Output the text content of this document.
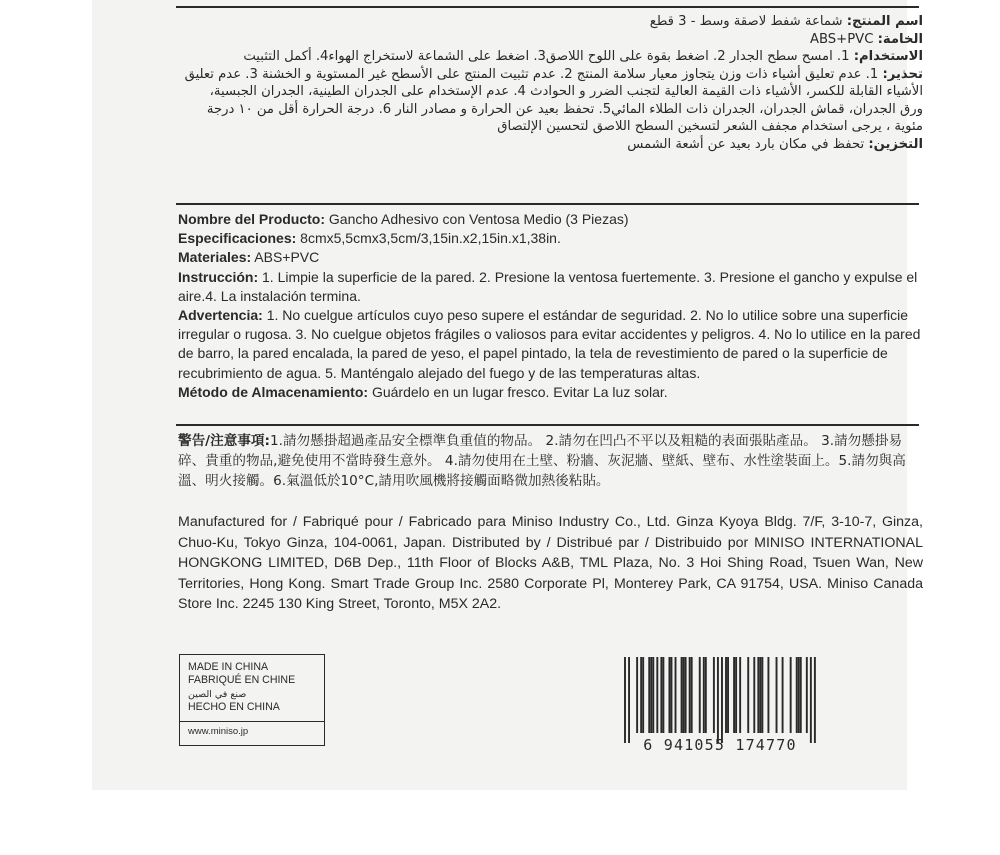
اسم المنتج: شماعة شفط لاصقة وسط - 3 قطع

الخامة: ABS+PVC

الاستخدام: 1. امسح سطح الجدار 2. اضغط بقوة على اللوح اللاصق3. اضغط على الشماعة لاستخراج الهواء4. أكمل التثبيت

تحذير: 1. عدم تعليق أشياء ذات وزن يتجاوز معيار سلامة المنتج 2. عدم تثبيت المنتج على الأسطح غير المستوية و الخشنة 3. عدم تعليق الأشياء القابلة للكسر، الأشياء ذات القيمة العالية لتجنب الضرر و الحوادث 4. عدم الإستخدام على الجدران الطينية، الجدران الجبسية، ورق الجدران، قماش الجدران، الجدران ذات الطلاء المائي5. تحفظ بعيد عن الحرارة و مصادر النار 6. درجة الحرارة أقل من ١٠ درجة مئوية ، يرجى استخدام مجفف الشعر لتسخين السطح اللاصق لتحسين الإلتصاق

التخزين: تحفظ في مكان بارد بعيد عن أشعة الشمس

Nombre del Producto: Gancho Adhesivo con Ventosa Medio (3 Piezas)

Especificaciones: 8cmx5,5cmx3,5cm/3,15in.x2,15in.x1,38in.

Materiales: ABS+PVC

Instrucción: 1. Limpie la superficie de la pared. 2. Presione la ventosa fuertemente. 3. Presione el gancho y expulse el aire.4. La instalación termina.

Advertencia: 1. No cuelgue artículos cuyo peso supere el estándar de seguridad. 2. No lo utilice sobre una superficie irregular o rugosa. 3. No cuelgue objetos frágiles o valiosos para evitar accidentes y peligros. 4. No lo utilice en la pared de barro, la pared encalada, la pared de yeso, el papel pintado, la tela de revestimiento de pared o la superficie de recubrimiento de agua. 5. Manténgalo alejado del fuego y de las temperaturas altas.

Método de Almacenamiento: Guárdelo en un lugar fresco. Evitar La luz solar.

警告/注意事項:1.請勿懸掛超過產品安全標準負重值的物品。 2.請勿在凹凸不平以及粗糙的表面張貼產品。 3.請勿懸掛易碎、貴重的物品,避免使用不當時發生意外。 4.請勿使用在土壁、粉牆、灰泥牆、壁紙、壁布、水性塗裝面上。5.請勿與高溫、明火接觸。6.氣溫低於10°C,請用吹風機將接觸面略微加熱後粘貼。

Manufactured for / Fabriqué pour / Fabricado para Miniso Industry Co., Ltd. Ginza Kyoya Bldg. 7/F, 3-10-7, Ginza, Chuo-Ku, Tokyo Ginza, 104-0061, Japan. Distributed by / Distribué par / Distribuido por MINISO INTERNATIONAL HONGKONG LIMITED, D6B Dep., 11th Floor of Blocks A&B, TML Plaza, No. 3 Hoi Shing Road, Tsuen Wan, New Territories, Hong Kong. Smart Trade Group Inc. 2580 Corporate Pl, Monterey Park, CA 91754, USA. Miniso Canada Store Inc. 2245 130 King Street, Toronto, M5X 2A2.
MADE IN CHINA
FABRIQUÉ EN CHINE
صنع في الصين
HECHO EN CHINA
www.miniso.jp
6 941055 174770
